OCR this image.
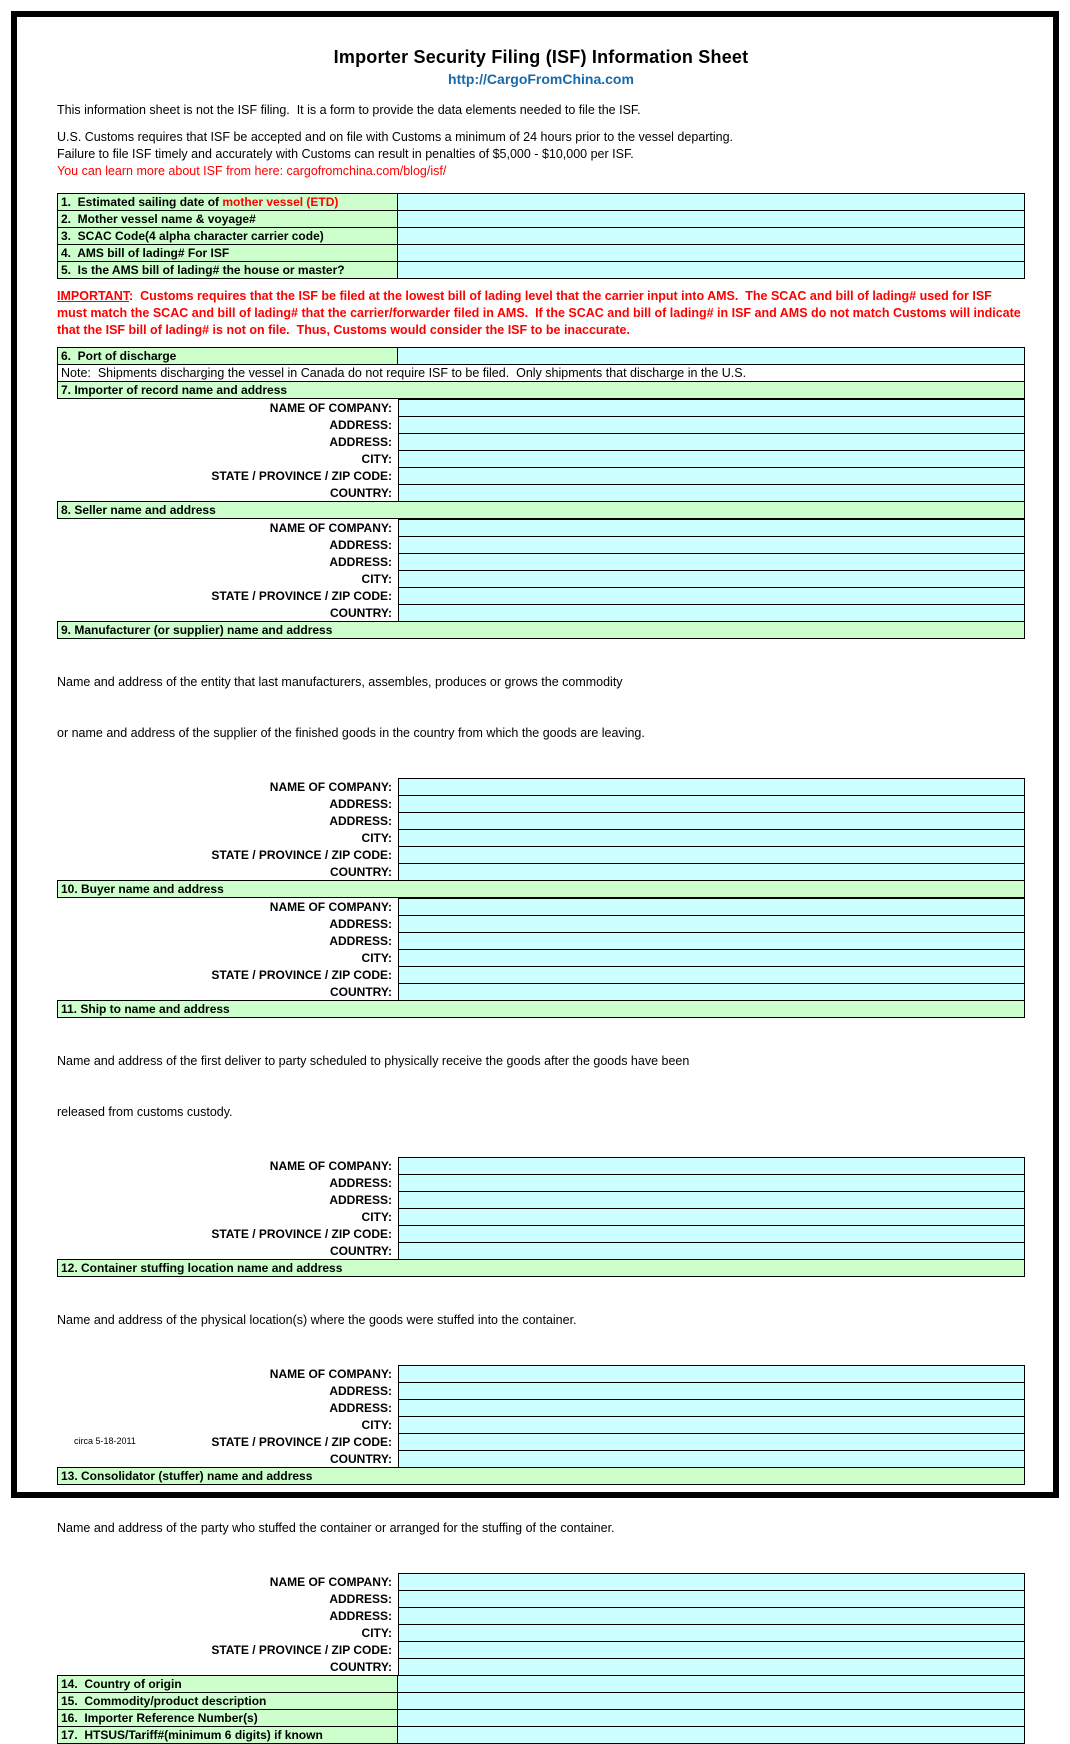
Importer Security Filing (ISF) Information Sheet
http://CargoFromChina.com
This information sheet is not the ISF filing.  It is a form to provide the data elements needed to file the ISF.
U.S. Customs requires that ISF be accepted and on file with Customs a minimum of 24 hours prior to the vessel departing.
Failure to file ISF timely and accurately with Customs can result in penalties of $5,000 - $10,000 per ISF.
You can learn more about ISF from here: cargofromchina.com/blog/isf/
1.  Estimated sailing date of mother vessel (ETD)
2.  Mother vessel name & voyage#
3.  SCAC Code(4 alpha character carrier code)
4.  AMS bill of lading# For ISF
5.  Is the AMS bill of lading# the house or master?
IMPORTANT:  Customs requires that the ISF be filed at the lowest bill of lading level that the carrier input into AMS.  The SCAC and bill of lading# used for ISF must match the SCAC and bill of lading# that the carrier/forwarder filed in AMS.  If the SCAC and bill of lading# in ISF and AMS do not match Customs will indicate that the ISF bill of lading# is not on file.  Thus, Customs would consider the ISF to be inaccurate.
6.  Port of discharge
Note:  Shipments discharging the vessel in Canada do not require ISF to be filed.  Only shipments that discharge in the U.S.
7. Importer of record name and address
NAME OF COMPANY:
ADDRESS:
ADDRESS:
CITY:
STATE / PROVINCE / ZIP CODE:
COUNTRY:
8. Seller name and address
NAME OF COMPANY:
ADDRESS:
ADDRESS:
CITY:
STATE / PROVINCE / ZIP CODE:
COUNTRY:
9. Manufacturer (or supplier) name and address

Name and address of the entity that last manufacturers, assembles, produces or grows the commodity

or name and address of the supplier of the finished goods in the country from which the goods are leaving.

NAME OF COMPANY:
ADDRESS:
ADDRESS:
CITY:
STATE / PROVINCE / ZIP CODE:
COUNTRY:
10. Buyer name and address
NAME OF COMPANY:
ADDRESS:
ADDRESS:
CITY:
STATE / PROVINCE / ZIP CODE:
COUNTRY:
11. Ship to name and address

Name and address of the first deliver to party scheduled to physically receive the goods after the goods have been

released from customs custody.

NAME OF COMPANY:
ADDRESS:
ADDRESS:
CITY:
STATE / PROVINCE / ZIP CODE:
COUNTRY:
12. Container stuffing location name and address

Name and address of the physical location(s) where the goods were stuffed into the container.

NAME OF COMPANY:
ADDRESS:
ADDRESS:
CITY:
STATE / PROVINCE / ZIP CODE:
COUNTRY:
13. Consolidator (stuffer) name and address

Name and address of the party who stuffed the container or arranged for the stuffing of the container.

NAME OF COMPANY:
ADDRESS:
ADDRESS:
CITY:
STATE / PROVINCE / ZIP CODE:
COUNTRY:
14.  Country of origin
15.  Commodity/product description
16.  Importer Reference Number(s)
17.  HTSUS/Tariff#(minimum 6 digits) if known
circa 5-18-2011
